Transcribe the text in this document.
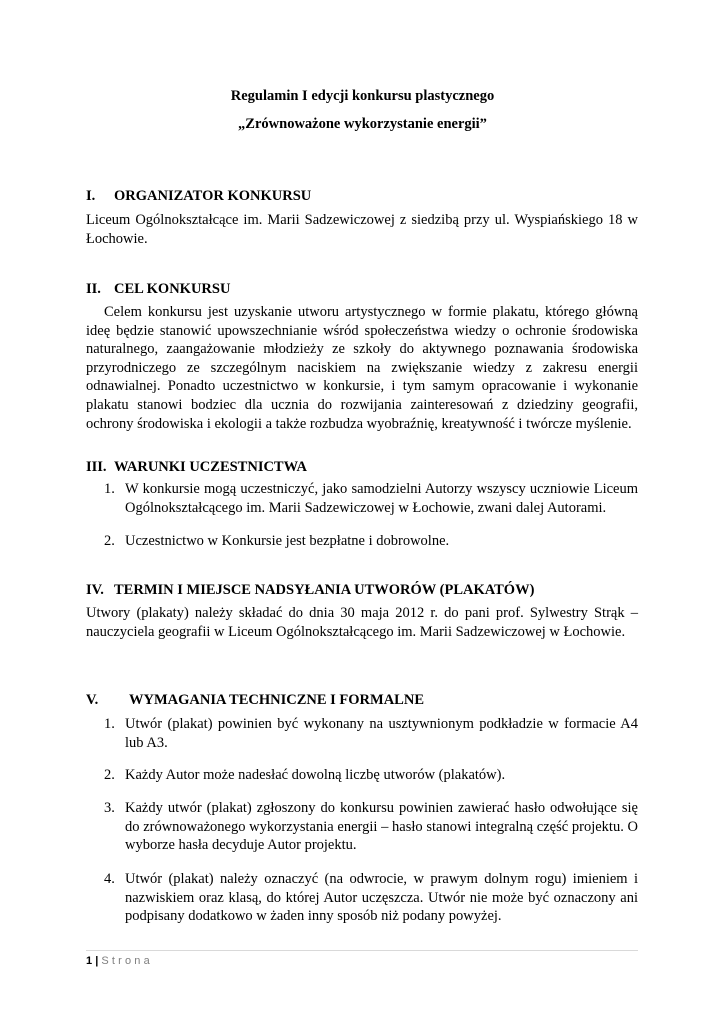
Regulamin I edycji konkursu plastycznego
„Zrównoważone wykorzystanie energii”
I. ORGANIZATOR KONKURSU
Liceum Ogólnokształcące im. Marii Sadzewiczowej z siedzibą przy ul. Wyspiańskiego 18 w Łochowie.
II. CEL KONKURSU
Celem konkursu jest uzyskanie utworu artystycznego w formie plakatu, którego główną ideę będzie stanowić upowszechnianie wśród społeczeństwa wiedzy o ochronie środowiska naturalnego, zaangażowanie młodzieży ze szkoły do aktywnego poznawania środowiska przyrodniczego ze szczególnym naciskiem na zwiększanie wiedzy z zakresu energii odnawialnej. Ponadto uczestnictwo w konkursie, i tym samym opracowanie i wykonanie plakatu stanowi bodziec dla ucznia do rozwijania zainteresowań z dziedziny geografii, ochrony środowiska i ekologii a także rozbudza wyobraźnię, kreatywność i twórcze myślenie.
III. WARUNKI UCZESTNICTWA
1. W konkursie mogą uczestniczyć, jako samodzielni Autorzy wszyscy uczniowie Liceum Ogólnokształcącego im. Marii Sadzewiczowej w Łochowie, zwani dalej Autorami.
2. Uczestnictwo w Konkursie jest bezpłatne i dobrowolne.
IV. TERMIN I MIEJSCE NADSYŁANIA UTWORÓW (PLAKATÓW)
Utwory (plakaty) należy składać do dnia 30 maja 2012 r. do pani prof. Sylwestry Strąk – nauczyciela geografii w Liceum Ogólnokształcącego im. Marii Sadzewiczowej w Łochowie.
V. WYMAGANIA TECHNICZNE I FORMALNE
1. Utwór (plakat) powinien być wykonany na usztywnionym podkładzie w formacie A4 lub A3.
2. Każdy Autor może nadesłać dowolną liczbę utworów (plakatów).
3. Każdy utwór (plakat) zgłoszony do konkursu powinien zawierać hasło odwołujące się do zrównoważonego wykorzystania energii – hasło stanowi integralną część projektu. O wyborze hasła decyduje Autor projektu.
4. Utwór (plakat) należy oznaczyć (na odwrocie, w prawym dolnym rogu) imieniem i nazwiskiem oraz klasą, do której Autor uczęszcza. Utwór nie może być oznaczony ani podpisany dodatkowo w żaden inny sposób niż podany powyżej.
1 | Strona
